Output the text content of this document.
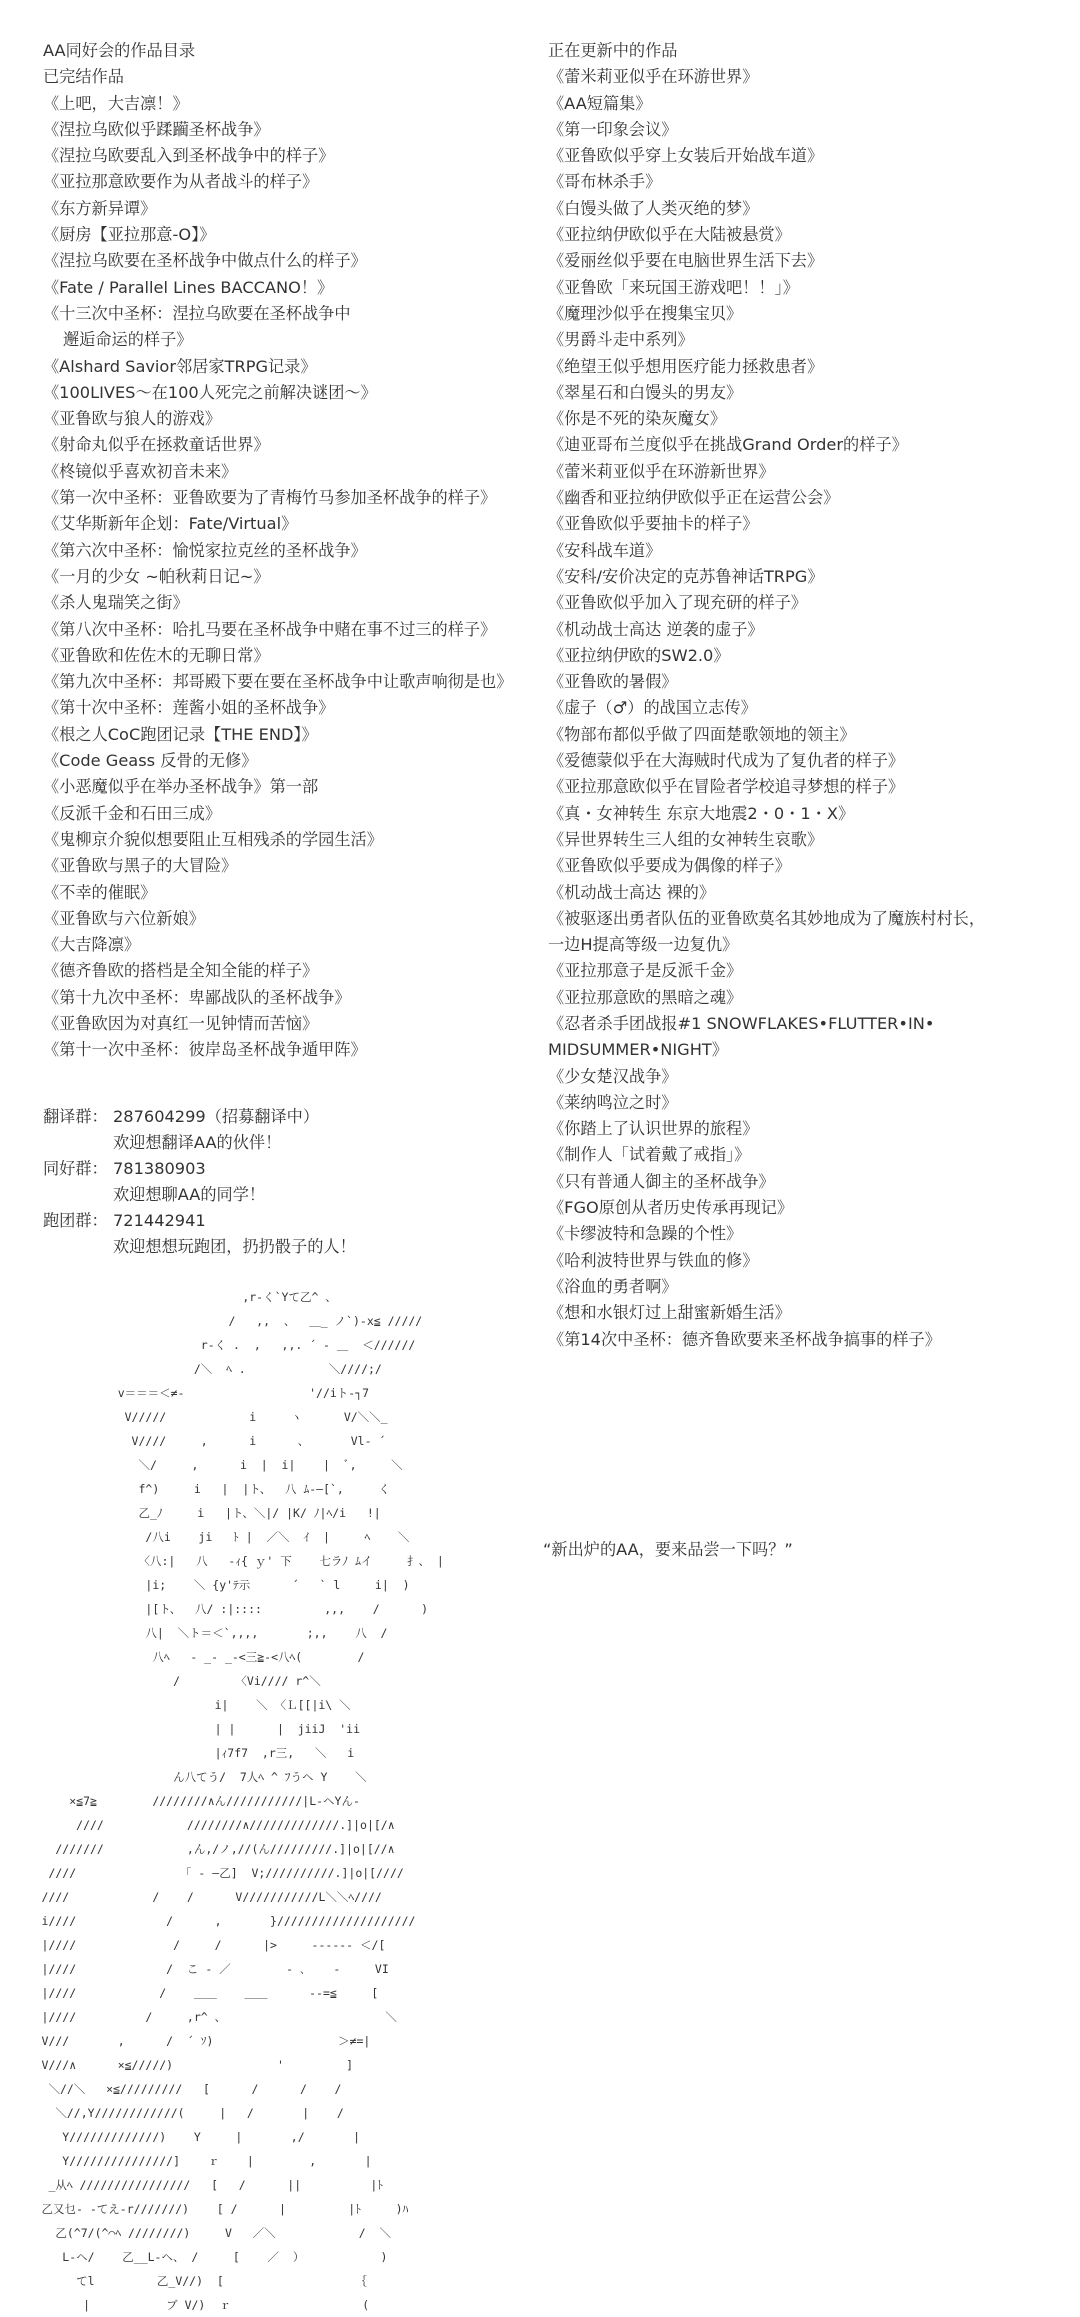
AA同好会的作品目录
已完结作品
《上吧，大吉凛！》
《涅拉乌欧似乎蹂躏圣杯战争》
《涅拉乌欧要乱入到圣杯战争中的样子》
《亚拉那意欧要作为从者战斗的样子》
《东方新异谭》
《厨房【亚拉那意-O】》
《涅拉乌欧要在圣杯战争中做点什么的样子》
《Fate / Parallel Lines BACCANO！》
《十三次中圣杯：涅拉乌欧要在圣杯战争中
邂逅命运的样子》
《Alshard Savior邻居家TRPG记录》
《100LIVES～在100人死完之前解决谜团～》
《亚鲁欧与狼人的游戏》
《射命丸似乎在拯救童话世界》
《柊镜似乎喜欢初音未来》
《第一次中圣杯：亚鲁欧要为了青梅竹马参加圣杯战争的样子》
《艾华斯新年企划：Fate/Virtual》
《第六次中圣杯：愉悦家拉克丝的圣杯战争》
《一月的少女 ~帕秋莉日记~》
《杀人鬼瑞笑之街》
《第八次中圣杯：哈扎马要在圣杯战争中赌在事不过三的样子》
《亚鲁欧和佐佐木的无聊日常》
《第九次中圣杯：邦哥殿下要在要在圣杯战争中让歌声响彻是也》
《第十次中圣杯：莲酱小姐的圣杯战争》
《根之人CoC跑团记录【THE END】》
《Code Geass 反骨的无修》
《小恶魔似乎在举办圣杯战争》第一部
《反派千金和石田三成》
《鬼柳京介貌似想要阻止互相残杀的学园生活》
《亚鲁欧与黑子的大冒险》
《不幸的催眠》
《亚鲁欧与六位新娘》
《大吉降凛》
《德齐鲁欧的搭档是全知全能的样子》
《第十九次中圣杯：卑鄙战队的圣杯战争》
《亚鲁欧因为对真红一见钟情而苦恼》
《第十一次中圣杯：彼岸岛圣杯战争遁甲阵》
正在更新中的作品
《蕾米莉亚似乎在环游世界》
《AA短篇集》
《第一印象会议》
《亚鲁欧似乎穿上女装后开始战车道》
《哥布林杀手》
《白馒头做了人类灭绝的梦》
《亚拉纳伊欧似乎在大陆被悬赏》
《爱丽丝似乎要在电脑世界生活下去》
《亚鲁欧「来玩国王游戏吧！！」》
《魔理沙似乎在搜集宝贝》
《男爵斗走中系列》
《绝望王似乎想用医疗能力拯救患者》
《翠星石和白馒头的男友》
《你是不死的染灰魔女》
《迪亚哥布兰度似乎在挑战Grand Order的样子》
《蕾米莉亚似乎在环游新世界》
《幽香和亚拉纳伊欧似乎正在运营公会》
《亚鲁欧似乎要抽卡的样子》
《安科战车道》
《安科/安价决定的克苏鲁神话TRPG》
《亚鲁欧似乎加入了现充研的样子》
《机动战士高达 逆袭的虚子》
《亚拉纳伊欧的SW2.0》
《亚鲁欧的暑假》
《虚子（♂）的战国立志传》
《物部布都似乎做了四面楚歌领地的领主》
《爱德蒙似乎在大海贼时代成为了复仇者的样子》
《亚拉那意欧似乎在冒险者学校追寻梦想的样子》
《真・女神转生 东京大地震2・0・1・X》
《异世界转生三人组的女神转生哀歌》
《亚鲁欧似乎要成为偶像的样子》
《机动战士高达 裸的》
《被驱逐出勇者队伍的亚鲁欧莫名其妙地成为了魔族村村长，
一边H提高等级一边复仇》
《亚拉那意子是反派千金》
《亚拉那意欧的黑暗之魂》
《忍者杀手团战报#1 SNOWFLAKES•FLUTTER•IN•
MIDSUMMER•NIGHT》
《少女楚汉战争》
《莱纳鸣泣之时》
《你踏上了认识世界的旅程》
《制作人「试着戴了戒指」》
《只有普通人御主的圣杯战争》
《FGO原创从者历史传承再现记》
《卡缪波特和急躁的个性》
《哈利波特世界与铁血的修》
《浴血的勇者啊》
《想和水银灯过上甜蜜新婚生活》
《第14次中圣杯：德齐鲁欧要来圣杯战争搞事的样子》
翻译群： 287604299（招募翻译中）
欢迎想翻译AA的伙伴！
同好群： 781380903
欢迎想聊AA的同学！
跑团群： 721442941
欢迎想想玩跑团，扔扔骰子的人！
,r‐く`Yて乙^ 、
/   ,,  、  ＿_ ノ`)‐x≦ /////
r‐く .  ,   ,,. ´ ‐ ＿  ＜//////
/＼  ﾍ .            ＼////;/
v＝＝＝＜≠-                  '//iト‐┐7
V/////            i     ヽ      V/＼＼_
V////     ,      i      、      Vl‐ ´
＼/     ,      i  |  i|    |  ﾞ,     ＼
f^)     i   |  |ト、  八 ﾑ-―[`,     く
乙_ﾉ     i   |ト、＼|/ |K/ ﾉ|ﾍ/i   !|
/八i    ji   ﾄ |  ／＼  ｲ  |     ﾍ    ＼
〈八:|   八   -ｨ{ ｙ' 下    七ラﾉ ﾑイ     扌、 |
|i;    ＼ {y'ﾃ示      ´   ` l     i|  )
|[ト、  八/ :|::::         ,,,    /      )
八|  ＼ト＝＜`,,,,       ;,,    八  /
八ﾍ   ‐ _‐ _‐<三≧‐<八ﾍ(        /
/        〈Vi//// r^＼
i|    ＼ 〈Ｌ[[|i\ ＼
| |      |  jiiJ  'ii
|ｨ7f7  ,r三,   ＼   i
ん八てう/  7人ﾍ ^ ﾌうヘ Y    ＼
×≦7≧        ////////∧ん///////////|L‐ヘYん‐
////            ////////∧/////////////.]|o|[/∧
///////            ,ん,/ノ,//(ん/////////.]|o|[//∧
////               「 ‐ ―乙]  V;//////////.]|o|[////
////            /    /      V///////////L＼＼ﾍ////
i////             /      ,       }////////////////////
|////              /     /      |>     ‐‐‐‐‐‐ ＜/[
|////             /  こ ‐ ／        ‐ ､    ‐     VI
|////            /    ＿＿    ＿＿      ‐‐=≦     [
|////          /     ,r^ 、                       ＼
V///       ,      /  ´ ｿ)                  ＞≠=|
V///∧      ×≦/////)               '         ]
＼//＼   ×≦/////////   [      /      /    /
＼//,Y////////////(     |   /       |    /
Y/////////////)    Y     |       ,/       |
Y///////////////]    ｒ    |        ,       |
_从ﾍ ////////////////   [   /      ||          |ﾄ
乙又乜‐ ‐てえ‐r///////)    [ /      |         |ﾄ     )ﾊ
乙(^7/(^⌒ﾍ ////////)     V   ／＼            /  ＼
L‐ヘ/    乙__L‐へ、 /     [    ／  ）           )
てl         乙_V//)  [                   ｛
|           ブ V/)  ｒ                   (

“新出炉的AA，要来品尝一下吗？”
